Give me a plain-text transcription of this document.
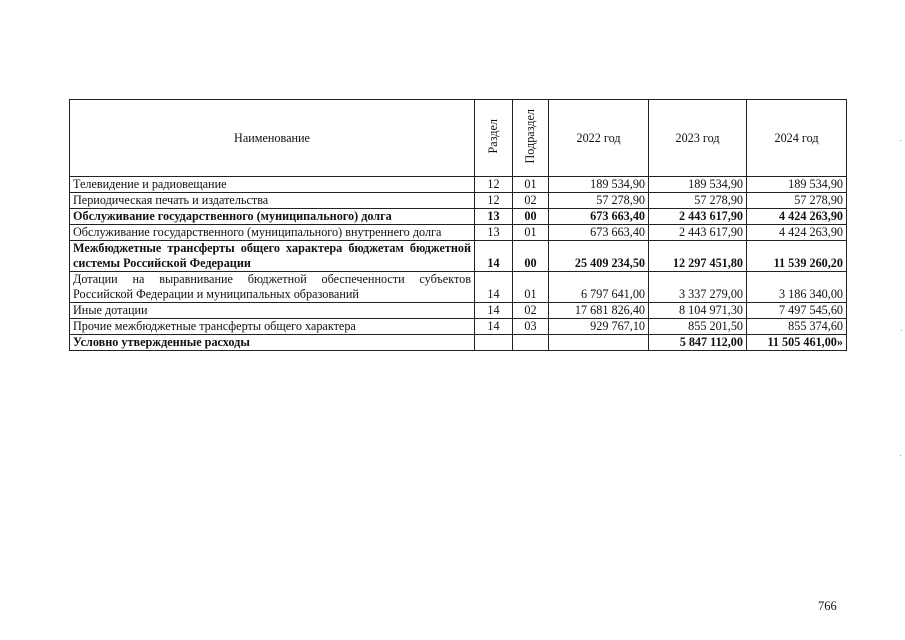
Наименование	Раздел	Подраздел	2022 год	2023 год	2024 год
Телевидение и радиовещание	12	01	189 534,90	189 534,90	189 534,90
Периодическая печать и издательства	12	02	57 278,90	57 278,90	57 278,90
Обслуживание государственного (муниципального) долга	13	00	673 663,40	2 443 617,90	4 424 263,90
Обслуживание государственного (муниципального) внутреннего долга	13	01	673 663,40	2 443 617,90	4 424 263,90
Межбюджетные трансферты общего характера бюджетам бюджетной системы Российской Федерации	14	00	25 409 234,50	12 297 451,80	11 539 260,20
Дотации на выравнивание бюджетной обеспеченности субъектов Российской Федерации и муниципальных образований	14	01	6 797 641,00	3 337 279,00	3 186 340,00
Иные дотации	14	02	17 681 826,40	8 104 971,30	7 497 545,60
Прочие межбюджетные трансферты общего характера	14	03	929 767,10	855 201,50	855 374,60
Условно утвержденные расходы				5 847 112,00	11 505 461,00»
766
